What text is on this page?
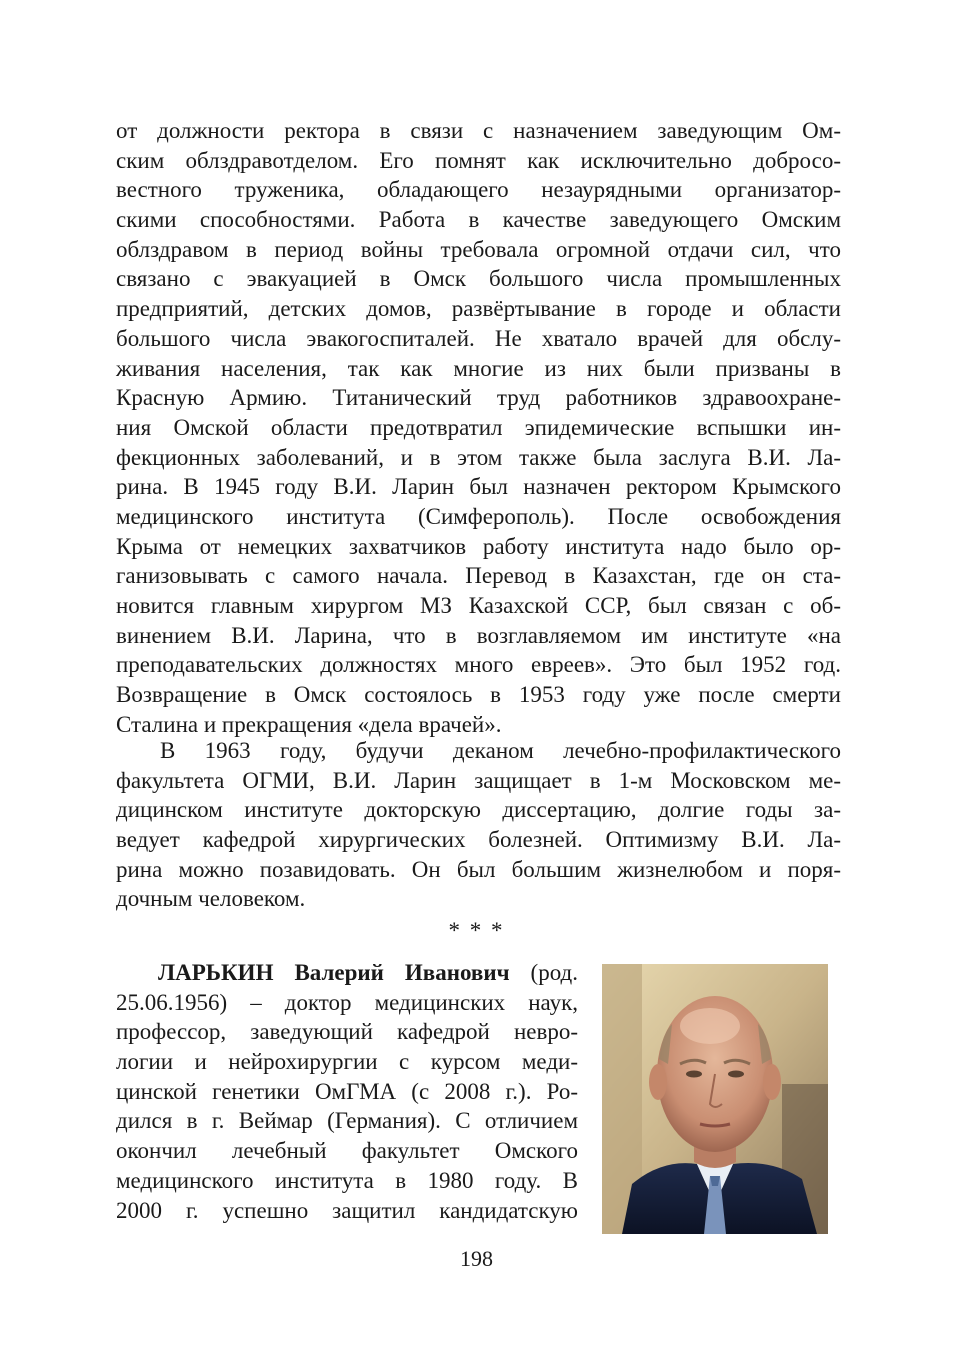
от должности ректора в связи с назначением заведующим Ом-
ским облздравотделом. Его помнят как исключительно добросо-
вестного труженика, обладающего незаурядными организатор-
скими способностями. Работа в качестве заведующего Омским
облздравом в период войны требовала огромной отдачи сил, что
связано с эвакуацией в Омск большого числа промышленных
предприятий, детских домов, развёртывание в городе и области
большого числа эвакогоспиталей. Не хватало врачей для обслу-
живания населения, так как многие из них были призваны в
Красную Армию. Титанический труд работников здравоохране-
ния Омской области предотвратил эпидемические вспышки ин-
фекционных заболеваний, и в этом также была заслуга В.И. Ла-
рина. В 1945 году В.И. Ларин был назначен ректором Крымского
медицинского института (Симферополь). После освобождения
Крыма от немецких захватчиков работу института надо было ор-
ганизовывать с самого начала. Перевод в Казахстан, где он ста-
новится главным хирургом МЗ Казахской ССР, был связан с об-
винением В.И. Ларина, что в возглавляемом им институте «на
преподавательских должностях много евреев». Это был 1952 год.
Возвращение в Омск состоялось в 1953 году уже после смерти
Сталина и прекращения «дела врачей».
В 1963 году, будучи деканом лечебно-профилактического
факультета ОГМИ, В.И. Ларин защищает в 1-м Московском ме-
дицинском институте докторскую диссертацию, долгие годы за-
ведует кафедрой хирургических болезней. Оптимизму В.И. Ла-
рина можно позавидовать. Он был большим жизнелюбом и поря-
дочным человеком.

* * *

ЛАРЬКИН Валерий Иванович (род.
25.06.1956) – доктор медицинских наук,
профессор, заведующий кафедрой невро-
логии и нейрохирургии с курсом меди-
цинской генетики ОмГМА (с 2008 г.). Ро-
дился в г. Веймар (Германия). С отличием
окончил лечебный факультет Омского
медицинского института в 1980 году. В
2000 г. успешно защитил кандидатскую

198
